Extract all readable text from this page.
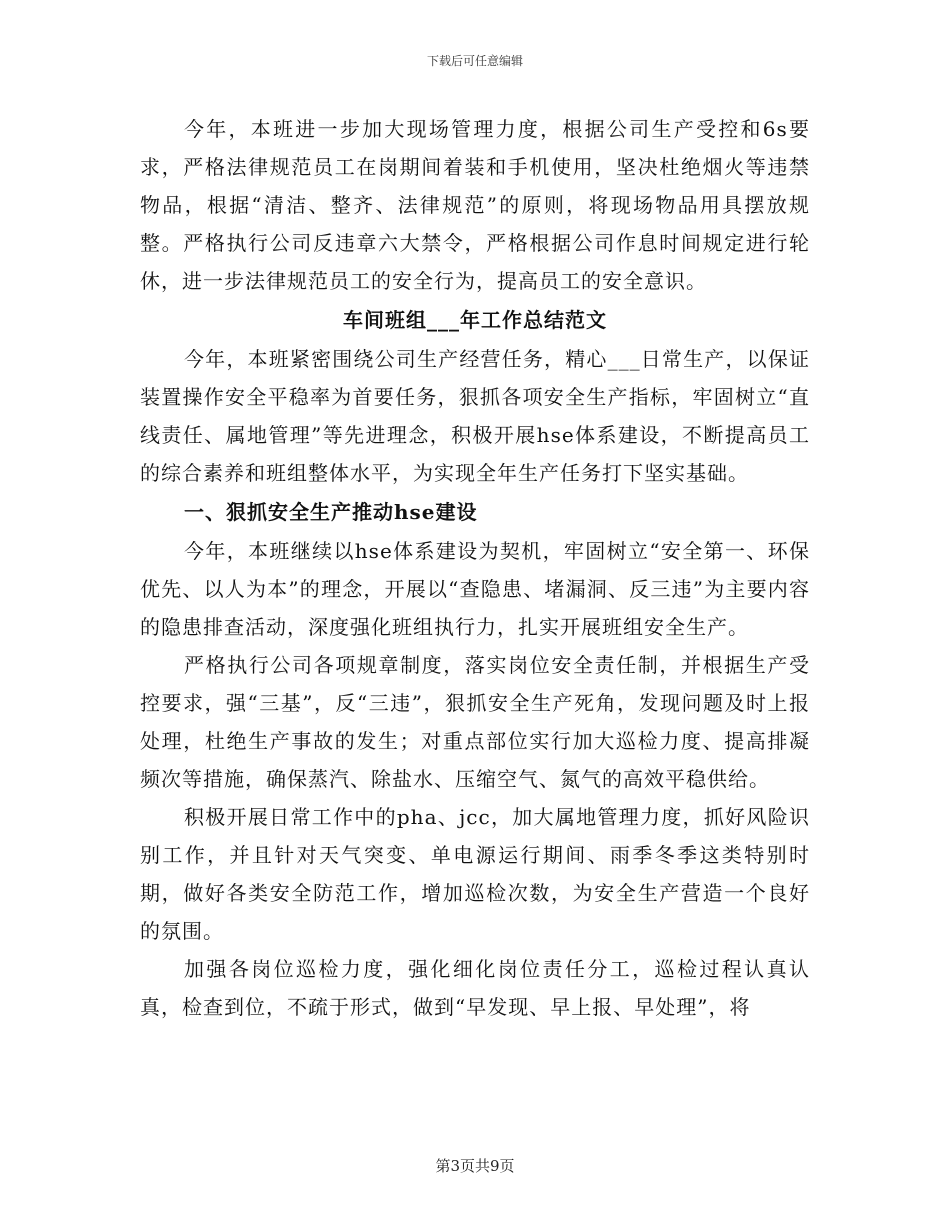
下载后可任意编辑

今年，本班进一步加大现场管理力度，根据公司生产受控和6s要求，严格法律规范员工在岗期间着装和手机使用，坚决杜绝烟火等违禁物品，根据“清洁、整齐、法律规范”的原则，将现场物品用具摆放规整。严格执行公司反违章六大禁令，严格根据公司作息时间规定进行轮休，进一步法律规范员工的安全行为，提高员工的安全意识。

车间班组___年工作总结范文

今年，本班紧密围绕公司生产经营任务，精心___日常生产，以保证装置操作安全平稳率为首要任务，狠抓各项安全生产指标，牢固树立“直线责任、属地管理”等先进理念，积极开展hse体系建设，不断提高员工的综合素养和班组整体水平，为实现全年生产任务打下坚实基础。

一、狠抓安全生产推动hse建设

今年，本班继续以hse体系建设为契机，牢固树立“安全第一、环保优先、以人为本”的理念，开展以“查隐患、堵漏洞、反三违”为主要内容的隐患排查活动，深度强化班组执行力，扎实开展班组安全生产。

严格执行公司各项规章制度，落实岗位安全责任制，并根据生产受控要求，强“三基”，反“三违”，狠抓安全生产死角，发现问题及时上报处理，杜绝生产事故的发生；对重点部位实行加大巡检力度、提高排凝频次等措施，确保蒸汽、除盐水、压缩空气、氮气的高效平稳供给。

积极开展日常工作中的pha、jcc，加大属地管理力度，抓好风险识别工作，并且针对天气突变、单电源运行期间、雨季冬季这类特别时期，做好各类安全防范工作，增加巡检次数，为安全生产营造一个良好的氛围。

加强各岗位巡检力度，强化细化岗位责任分工，巡检过程认真认真，检查到位，不疏于形式，做到“早发现、早上报、早处理”，将

第3页共9页
